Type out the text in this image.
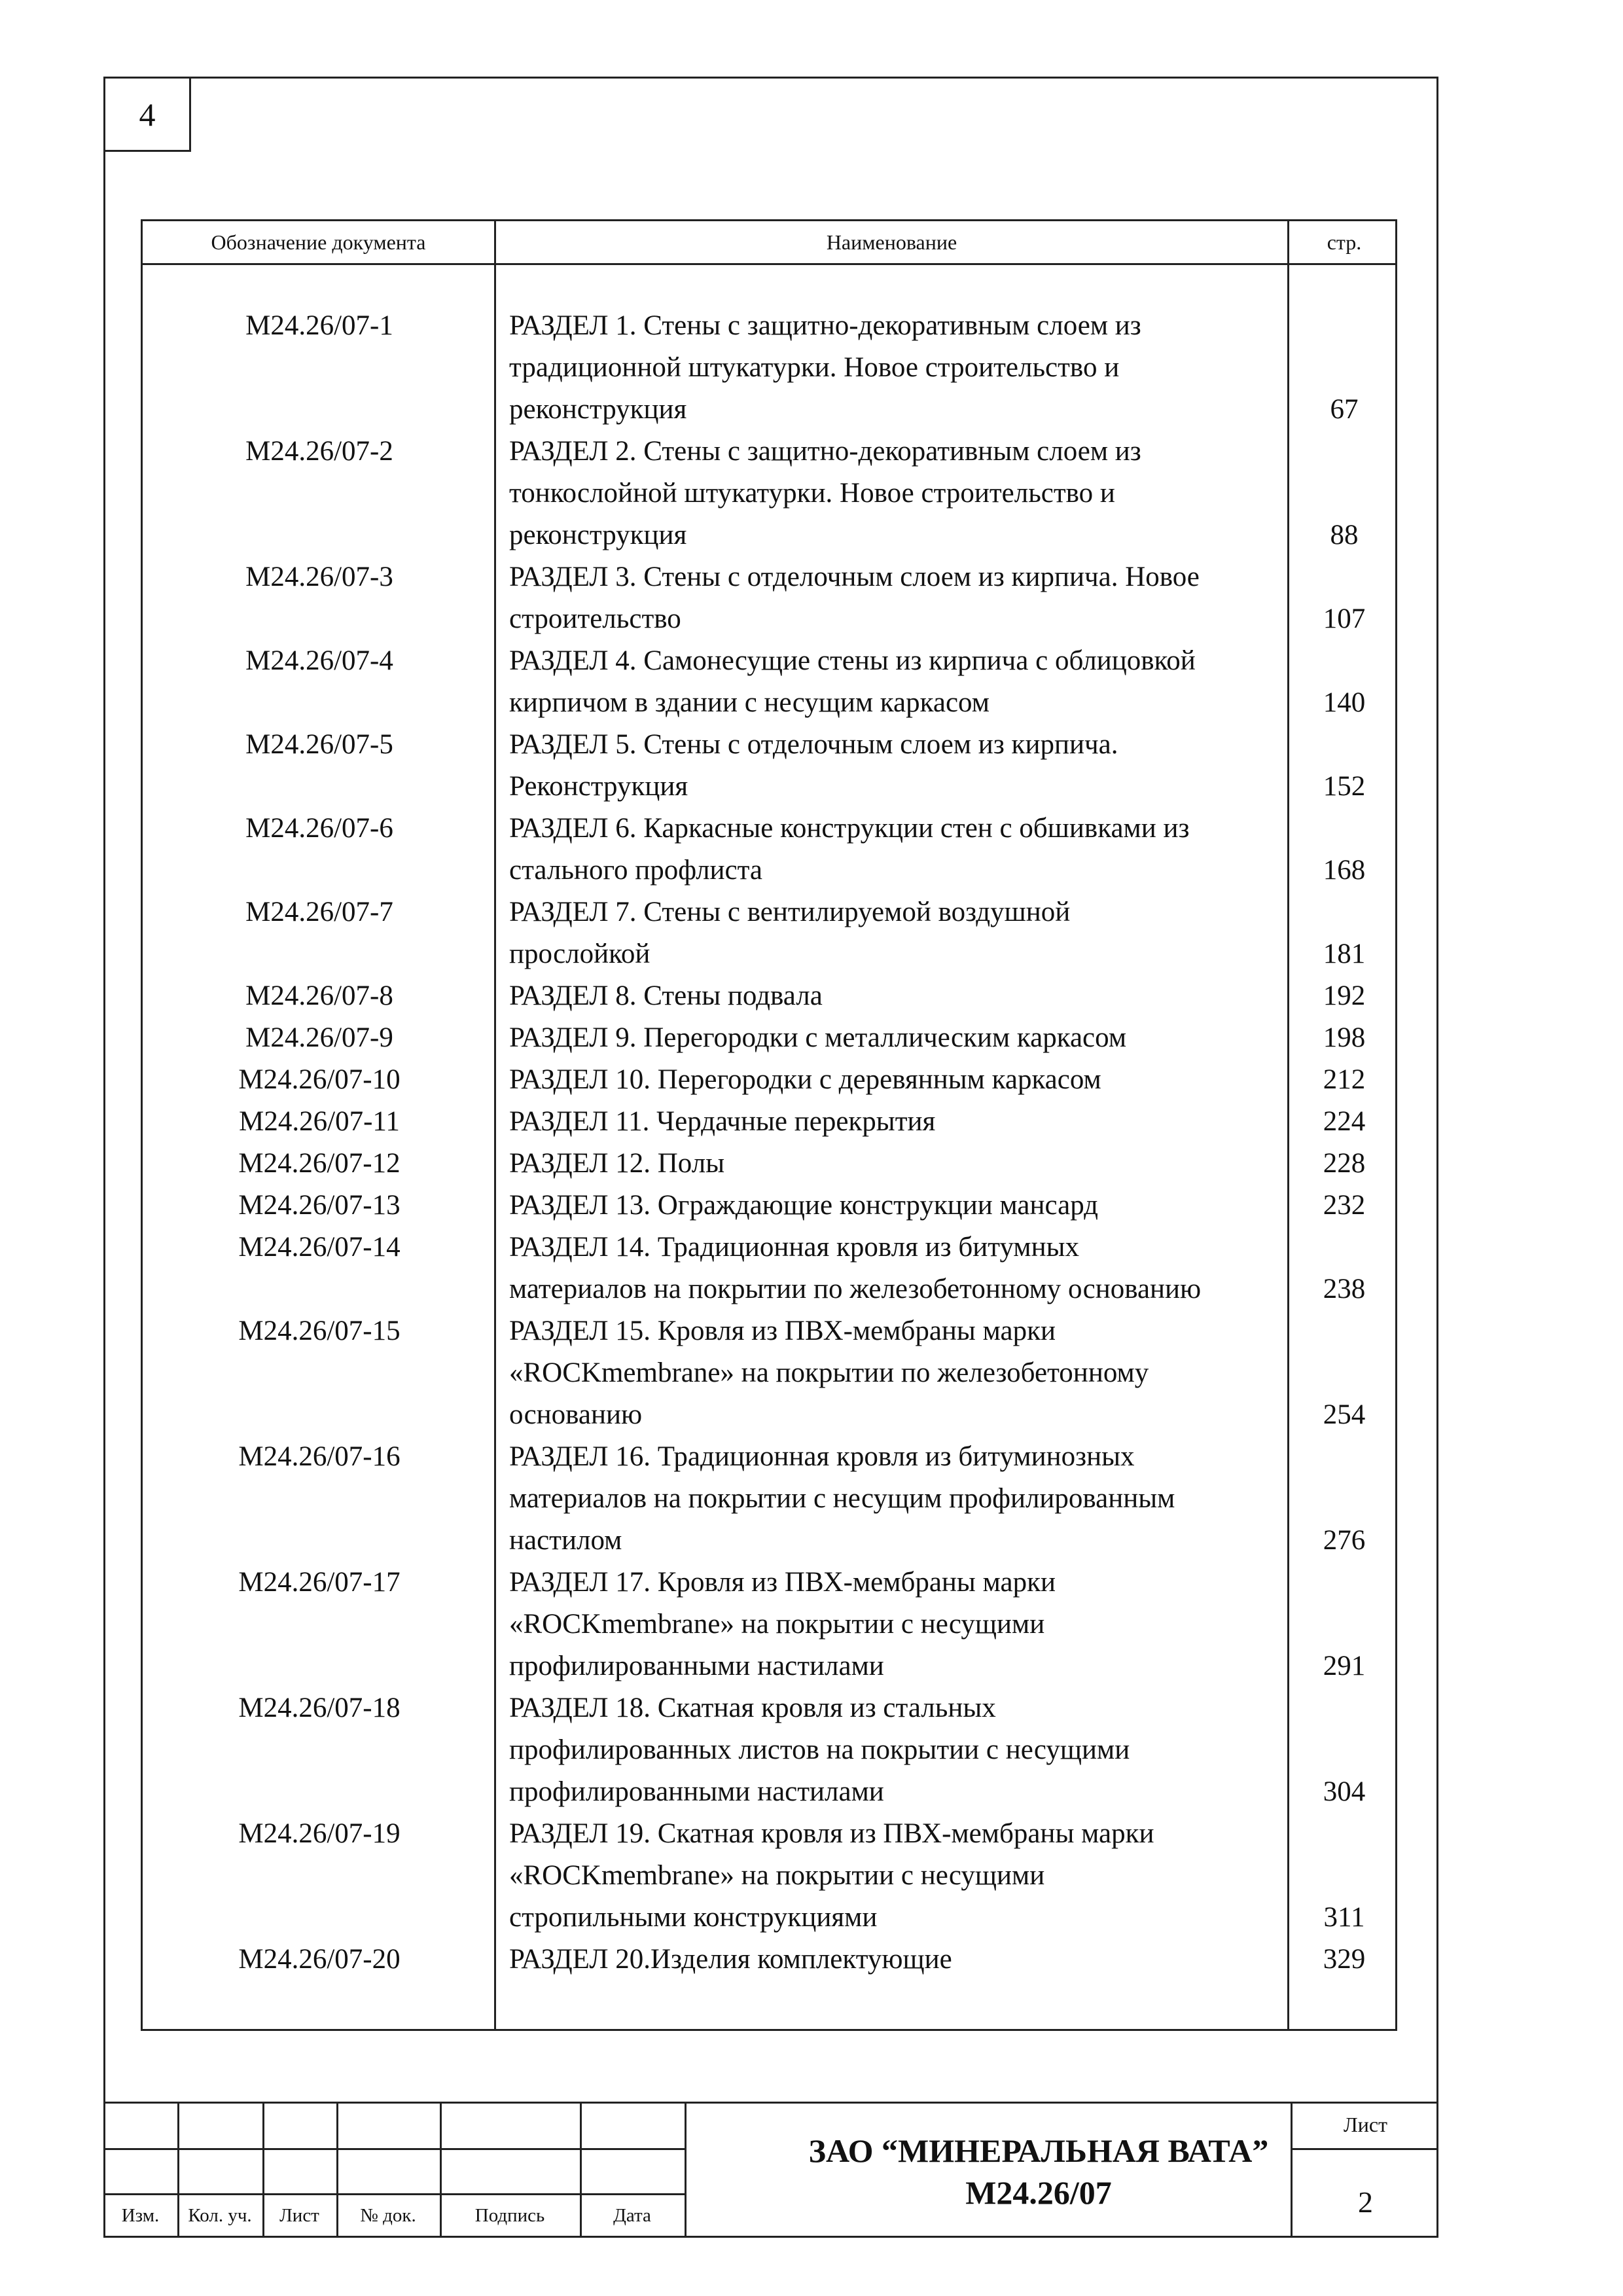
4
Обозначение документа	Наименование	стр.
М24.26/07-1	РАЗДЕЛ 1. Стены с защитно-декоративным слоем из
традиционной штукатурки. Новое строительство и
реконструкция	67
М24.26/07-2	РАЗДЕЛ 2. Стены с защитно-декоративным слоем из
тонкослойной штукатурки. Новое строительство и
реконструкция	88
М24.26/07-3	РАЗДЕЛ 3. Стены с отделочным слоем из кирпича. Новое
строительство	107
М24.26/07-4	РАЗДЕЛ 4. Самонесущие стены из кирпича с облицовкой
кирпичом в здании с несущим каркасом	140
М24.26/07-5	РАЗДЕЛ 5. Стены с отделочным слоем из кирпича.
Реконструкция	152
М24.26/07-6	РАЗДЕЛ 6. Каркасные конструкции стен с обшивками из
стального профлиста	168
М24.26/07-7	РАЗДЕЛ 7. Стены с вентилируемой воздушной
прослойкой	181
М24.26/07-8	РАЗДЕЛ 8. Стены подвала	192
М24.26/07-9	РАЗДЕЛ 9. Перегородки с металлическим каркасом	198
М24.26/07-10	РАЗДЕЛ 10. Перегородки с деревянным каркасом	212
М24.26/07-11	РАЗДЕЛ 11. Чердачные перекрытия	224
М24.26/07-12	РАЗДЕЛ 12. Полы	228
М24.26/07-13	РАЗДЕЛ 13. Ограждающие конструкции мансард	232
М24.26/07-14	РАЗДЕЛ 14. Традиционная кровля из битумных
материалов на покрытии по железобетонному основанию	238
М24.26/07-15	РАЗДЕЛ 15. Кровля из ПВХ-мембраны марки
«ROCKmembrane» на покрытии по железобетонному
основанию	254
М24.26/07-16	РАЗДЕЛ 16. Традиционная кровля из битуминозных
материалов на покрытии с несущим профилированным
настилом	276
М24.26/07-17	РАЗДЕЛ 17. Кровля из ПВХ-мембраны марки
«ROCKmembrane» на покрытии с несущими
профилированными настилами	291
М24.26/07-18	РАЗДЕЛ 18. Скатная кровля из стальных
профилированных листов на покрытии с несущими
профилированными настилами	304
М24.26/07-19	РАЗДЕЛ 19. Скатная кровля из ПВХ-мембраны марки
«ROCKmembrane» на покрытии с несущими
стропильными конструкциями	311
М24.26/07-20	РАЗДЕЛ 20.Изделия комплектующие	329
Изм.	Кол. уч.	Лист	№ док.	Подпись	Дата
ЗАО “МИНЕРАЛЬНАЯ ВАТА”
М24.26/07
Лист
2
